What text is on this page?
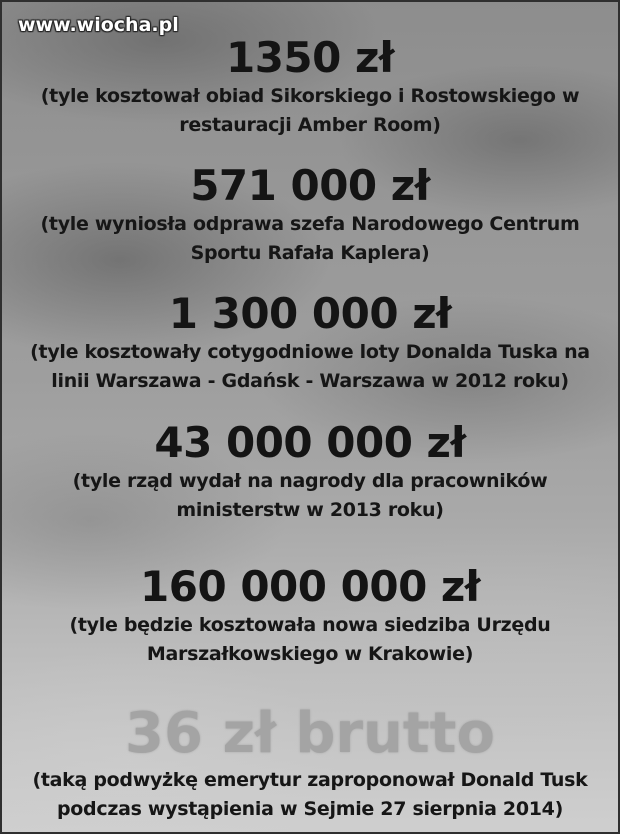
www.wiocha.pl
1350 zł
(tyle kosztował obiad Sikorskiego i Rostowskiego w
restauracji Amber Room)
571 000 zł
(tyle wyniosła odprawa szefa Narodowego Centrum
Sportu Rafała Kaplera)
1 300 000 zł
(tyle kosztowały cotygodniowe loty Donalda Tuska na
linii Warszawa - Gdańsk - Warszawa w 2012 roku)
43 000 000 zł
(tyle rząd wydał na nagrody dla pracowników
ministerstw w 2013 roku)
160 000 000 zł
(tyle będzie kosztowała nowa siedziba Urzędu
Marszałkowskiego w Krakowie)
36 zł brutto
(taką podwyżkę emerytur zaproponował Donald Tusk
podczas wystąpienia w Sejmie 27 sierpnia 2014)
